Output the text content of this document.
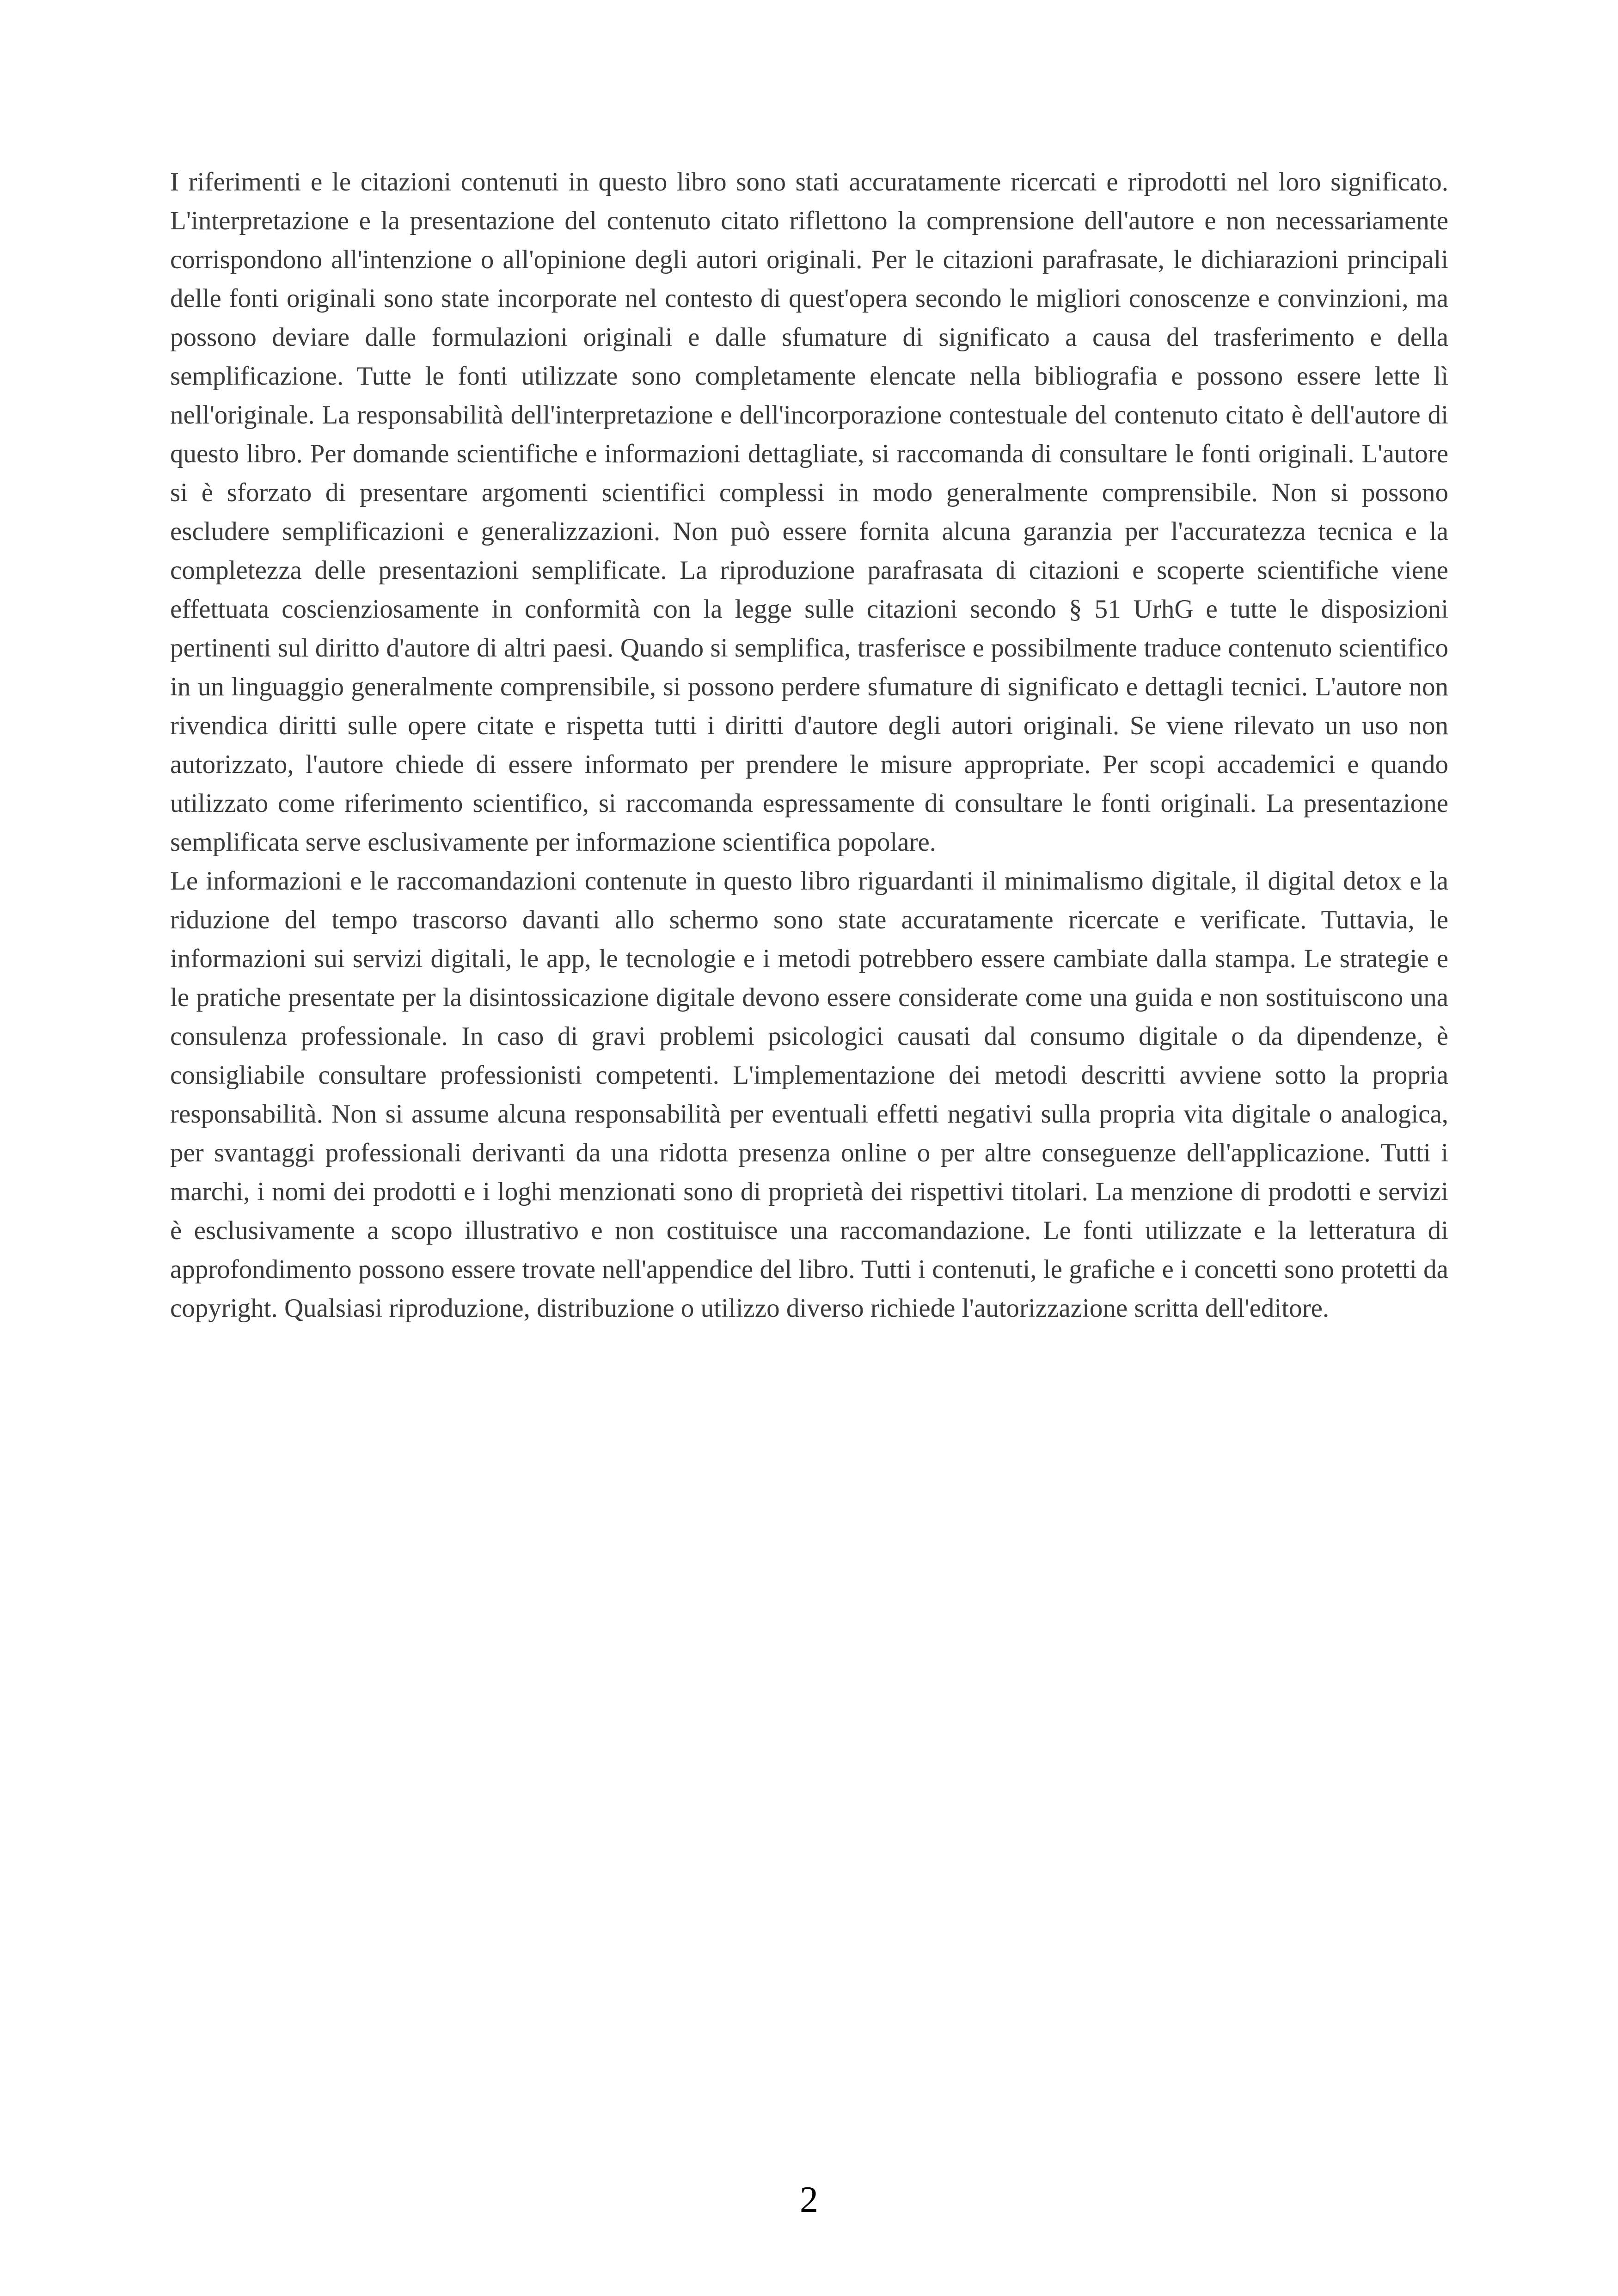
I riferimenti e le citazioni contenuti in questo libro sono stati accuratamente ricercati e riprodotti nel loro significato. L'interpretazione e la presentazione del contenuto citato riflettono la comprensione dell'autore e non necessariamente corrispondono all'intenzione o all'opinione degli autori originali. Per le citazioni parafrasate, le dichiarazioni principali delle fonti originali sono state incorporate nel contesto di quest'opera secondo le migliori conoscenze e convinzioni, ma possono deviare dalle formulazioni originali e dalle sfumature di significato a causa del trasferimento e della semplificazione. Tutte le fonti utilizzate sono completamente elencate nella bibliografia e possono essere lette lì nell'originale. La responsabilità dell'interpretazione e dell'incorporazione contestuale del contenuto citato è dell'autore di questo libro. Per domande scientifiche e informazioni dettagliate, si raccomanda di consultare le fonti originali. L'autore si è sforzato di presentare argomenti scientifici complessi in modo generalmente comprensibile. Non si possono escludere semplificazioni e generalizzazioni. Non può essere fornita alcuna garanzia per l'accuratezza tecnica e la completezza delle presentazioni semplificate. La riproduzione parafrasata di citazioni e scoperte scientifiche viene effettuata coscienziosamente in conformità con la legge sulle citazioni secondo § 51 UrhG e tutte le disposizioni pertinenti sul diritto d'autore di altri paesi. Quando si semplifica, trasferisce e possibilmente traduce contenuto scientifico in un linguaggio generalmente comprensibile, si possono perdere sfumature di significato e dettagli tecnici. L'autore non rivendica diritti sulle opere citate e rispetta tutti i diritti d'autore degli autori originali. Se viene rilevato un uso non autorizzato, l'autore chiede di essere informato per prendere le misure appropriate. Per scopi accademici e quando utilizzato come riferimento scientifico, si raccomanda espressamente di consultare le fonti originali. La presentazione semplificata serve esclusivamente per informazione scientifica popolare.

Le informazioni e le raccomandazioni contenute in questo libro riguardanti il minimalismo digitale, il digital detox e la riduzione del tempo trascorso davanti allo schermo sono state accuratamente ricercate e verificate. Tuttavia, le informazioni sui servizi digitali, le app, le tecnologie e i metodi potrebbero essere cambiate dalla stampa. Le strategie e le pratiche presentate per la disintossicazione digitale devono essere considerate come una guida e non sostituiscono una consulenza professionale. In caso di gravi problemi psicologici causati dal consumo digitale o da dipendenze, è consigliabile consultare professionisti competenti. L'implementazione dei metodi descritti avviene sotto la propria responsabilità. Non si assume alcuna responsabilità per eventuali effetti negativi sulla propria vita digitale o analogica, per svantaggi professionali derivanti da una ridotta presenza online o per altre conseguenze dell'applicazione. Tutti i marchi, i nomi dei prodotti e i loghi menzionati sono di proprietà dei rispettivi titolari. La menzione di prodotti e servizi è esclusivamente a scopo illustrativo e non costituisce una raccomandazione. Le fonti utilizzate e la letteratura di approfondimento possono essere trovate nell'appendice del libro. Tutti i contenuti, le grafiche e i concetti sono protetti da copyright. Qualsiasi riproduzione, distribuzione o utilizzo diverso richiede l'autorizzazione scritta dell'editore.

2
